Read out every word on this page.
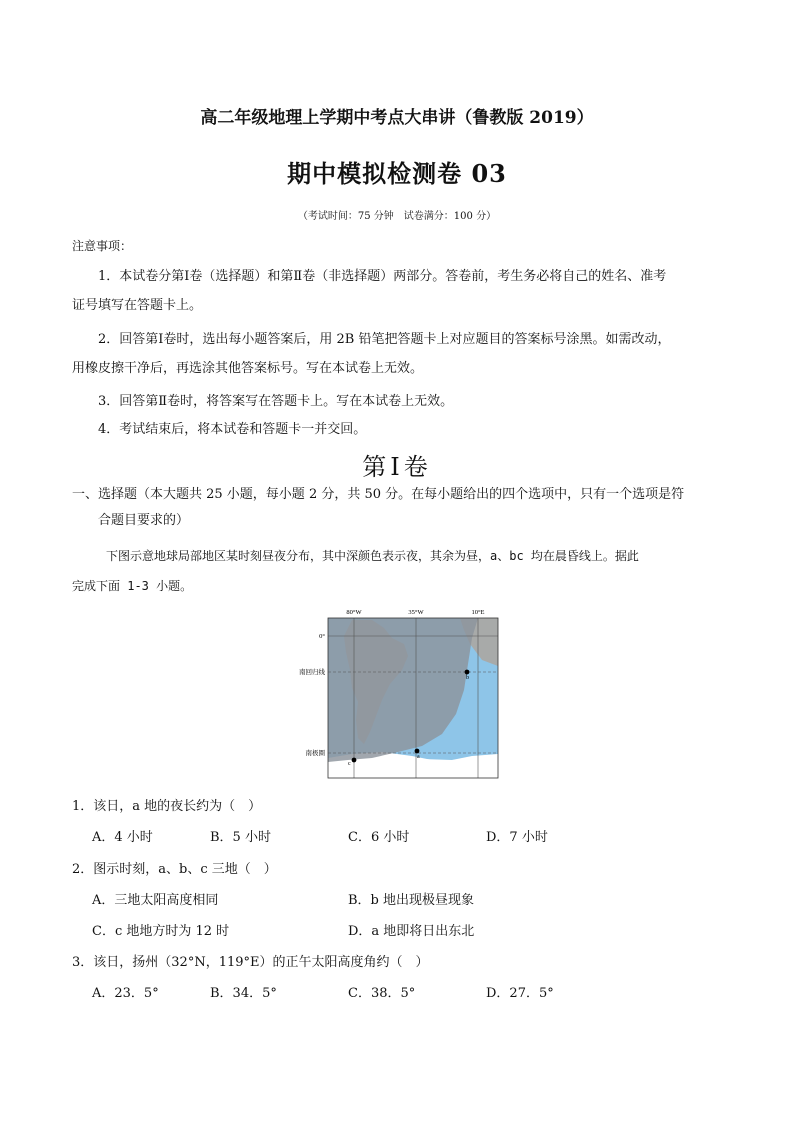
高二年级地理上学期中考点大串讲（鲁教版 2019）
期中模拟检测卷 03
（考试时间：75 分钟　试卷满分：100 分）
注意事项：
1．本试卷分第Ⅰ卷（选择题）和第Ⅱ卷（非选择题）两部分。答卷前，考生务必将自己的姓名、准考
证号填写在答题卡上。
2．回答第Ⅰ卷时，选出每小题答案后，用 2B 铅笔把答题卡上对应题目的答案标号涂黑。如需改动，
用橡皮擦干净后，再选涂其他答案标号。写在本试卷上无效。
3．回答第Ⅱ卷时，将答案写在答题卡上。写在本试卷上无效。
4．考试结束后，将本试卷和答题卡一并交回。
第Ⅰ卷
一、选择题（本大题共 25 小题，每小题 2 分，共 50 分。在每小题给出的四个选项中，只有一个选项是符
合题目要求的）
下图示意地球局部地区某时刻昼夜分布，其中深颜色表示夜，其余为昼，a、bc 均在晨昏线上。据此
完成下面 1-3 小题。
a
b
c
80°W	35°W	10°E
0°
南回归线
南极圈
1．该日，a 地的夜长约为（　）
A．4 小时	B．5 小时	C．6 小时	D．7 小时
2．图示时刻，a、b、c 三地（　）
A．三地太阳高度相同	B．b 地出现极昼现象
C．c 地地方时为 12 时	D．a 地即将日出东北
3．该日，扬州（32°N，119°E）的正午太阳高度角约（　）
A．23．5°	B．34．5°	C．38．5°	D．27．5°
